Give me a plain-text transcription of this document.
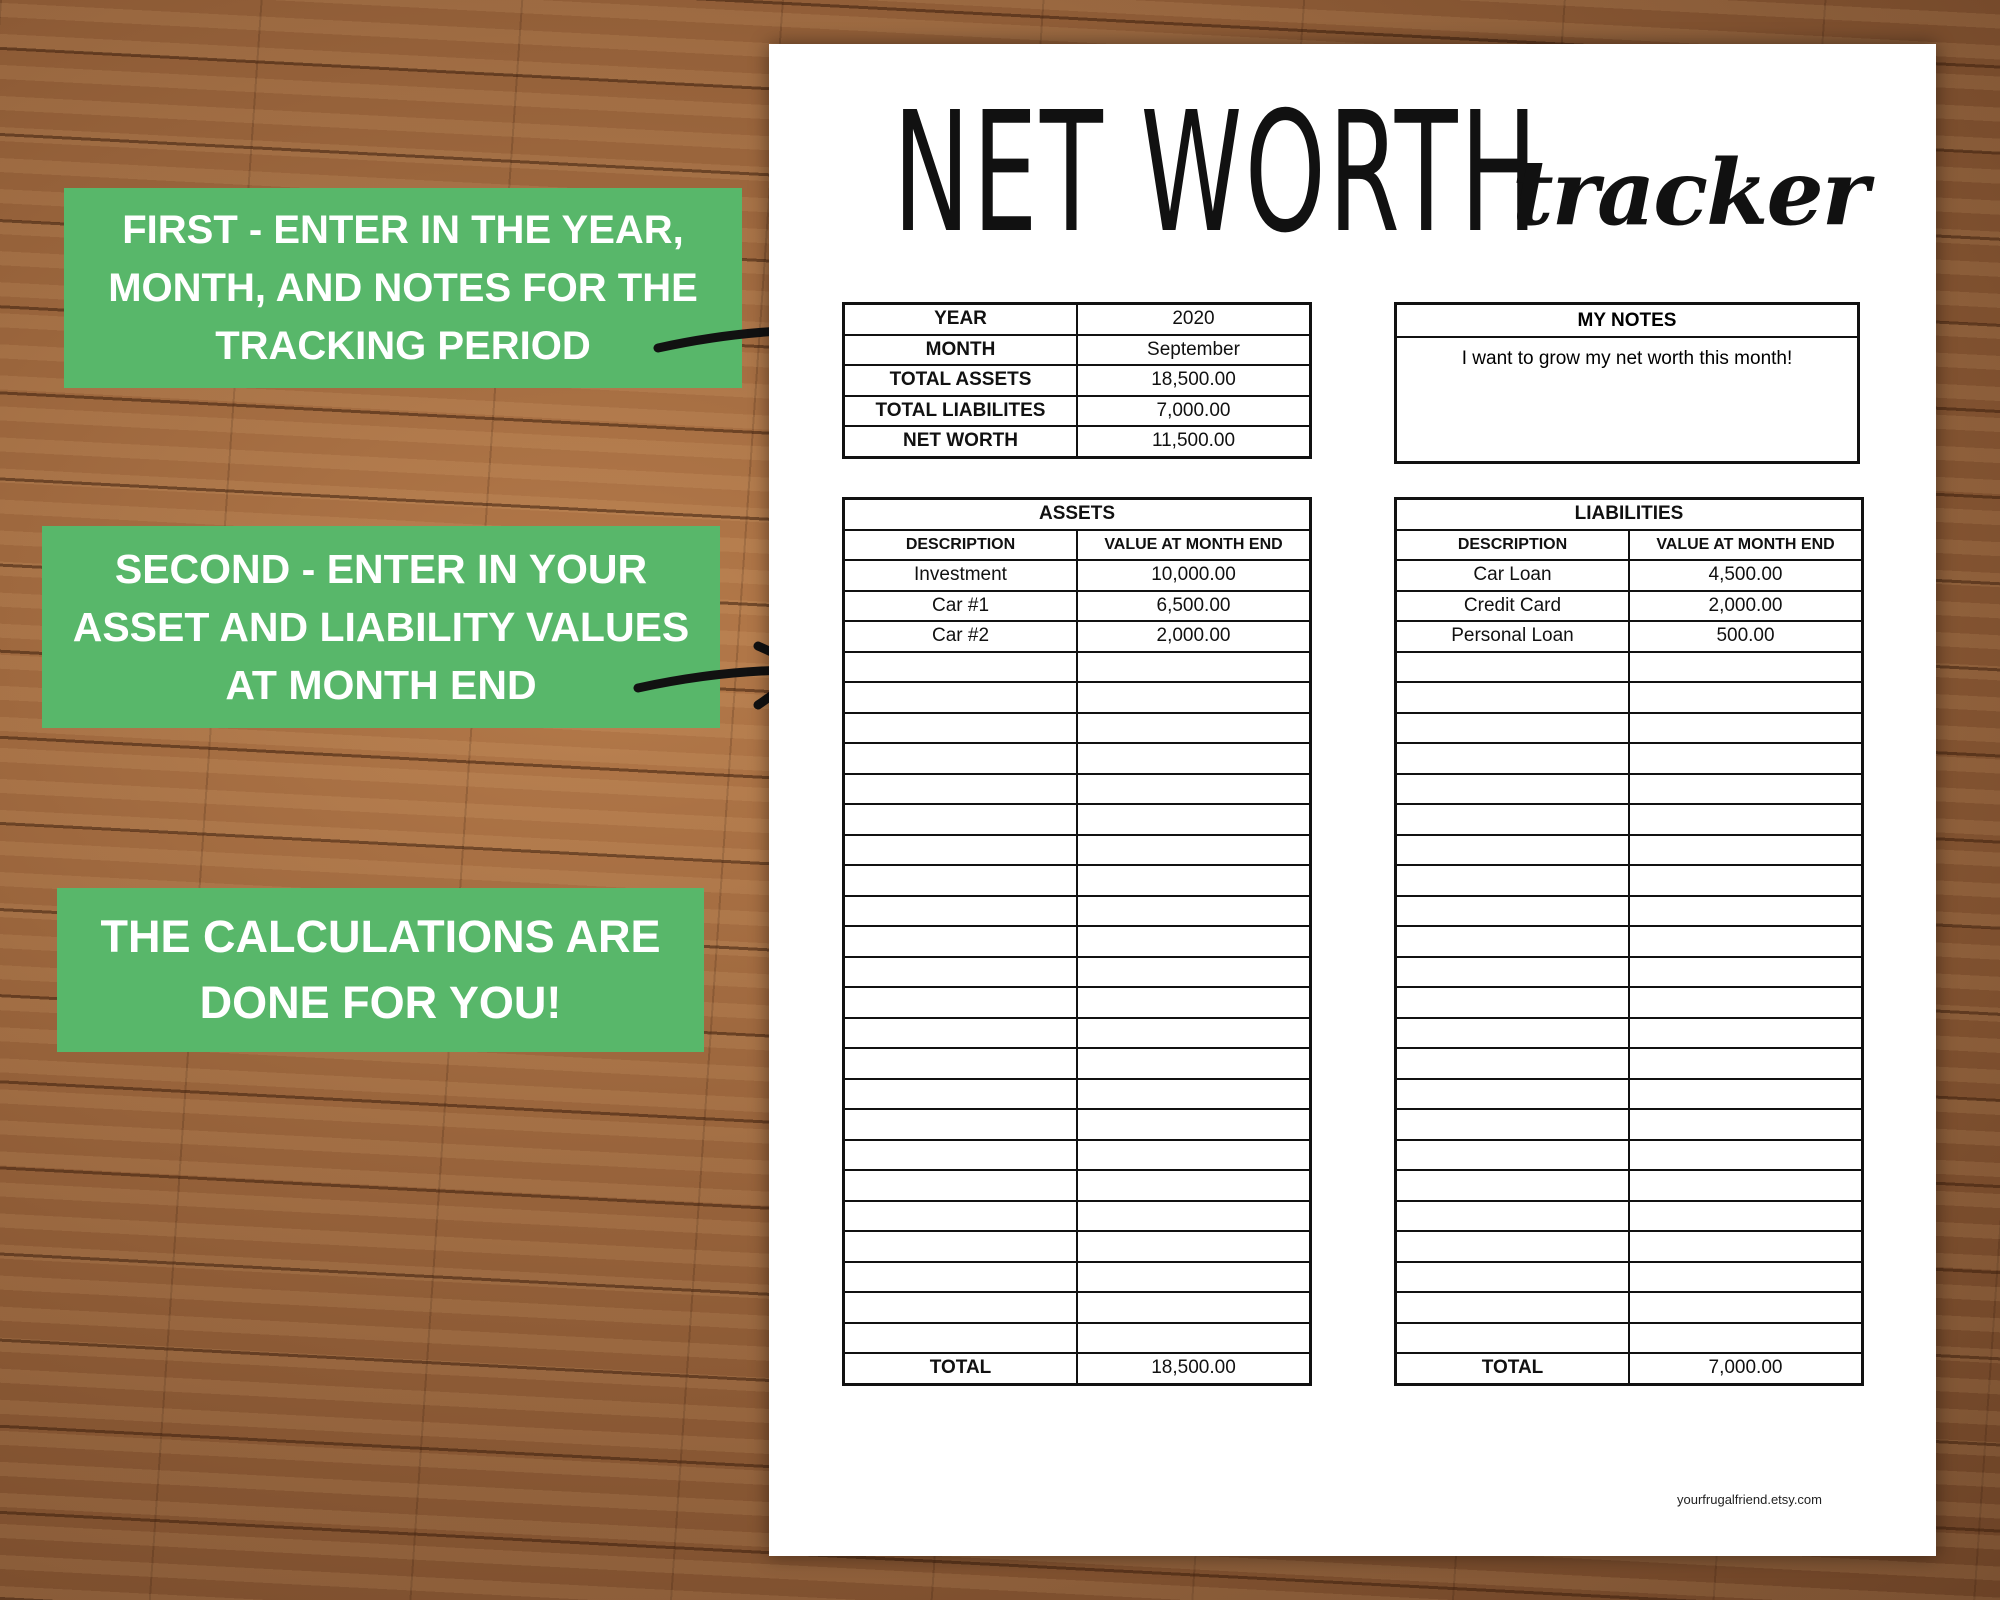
FIRST - ENTER IN THE YEAR, MONTH, AND NOTES FOR THE TRACKING PERIOD
SECOND - ENTER IN YOUR ASSET AND LIABILITY VALUES AT MONTH END
THE CALCULATIONS ARE DONE FOR YOU!
NET WORTH
tracker
YEAR	2020
MONTH	September
TOTAL ASSETS	18,500.00
TOTAL LIABILITES	7,000.00
NET WORTH	11,500.00
MY NOTES
I want to grow my net worth this month!
ASSETS	
DESCRIPTION	VALUE AT MONTH END
Investment	10,000.00
Car #1	6,500.00
Car #2	2,000.00

TOTAL	18,500.00
LIABILITIES	
DESCRIPTION	VALUE AT MONTH END
Car Loan	4,500.00
Credit Card	2,000.00
Personal Loan	500.00

TOTAL	7,000.00
yourfrugalfriend.etsy.com
